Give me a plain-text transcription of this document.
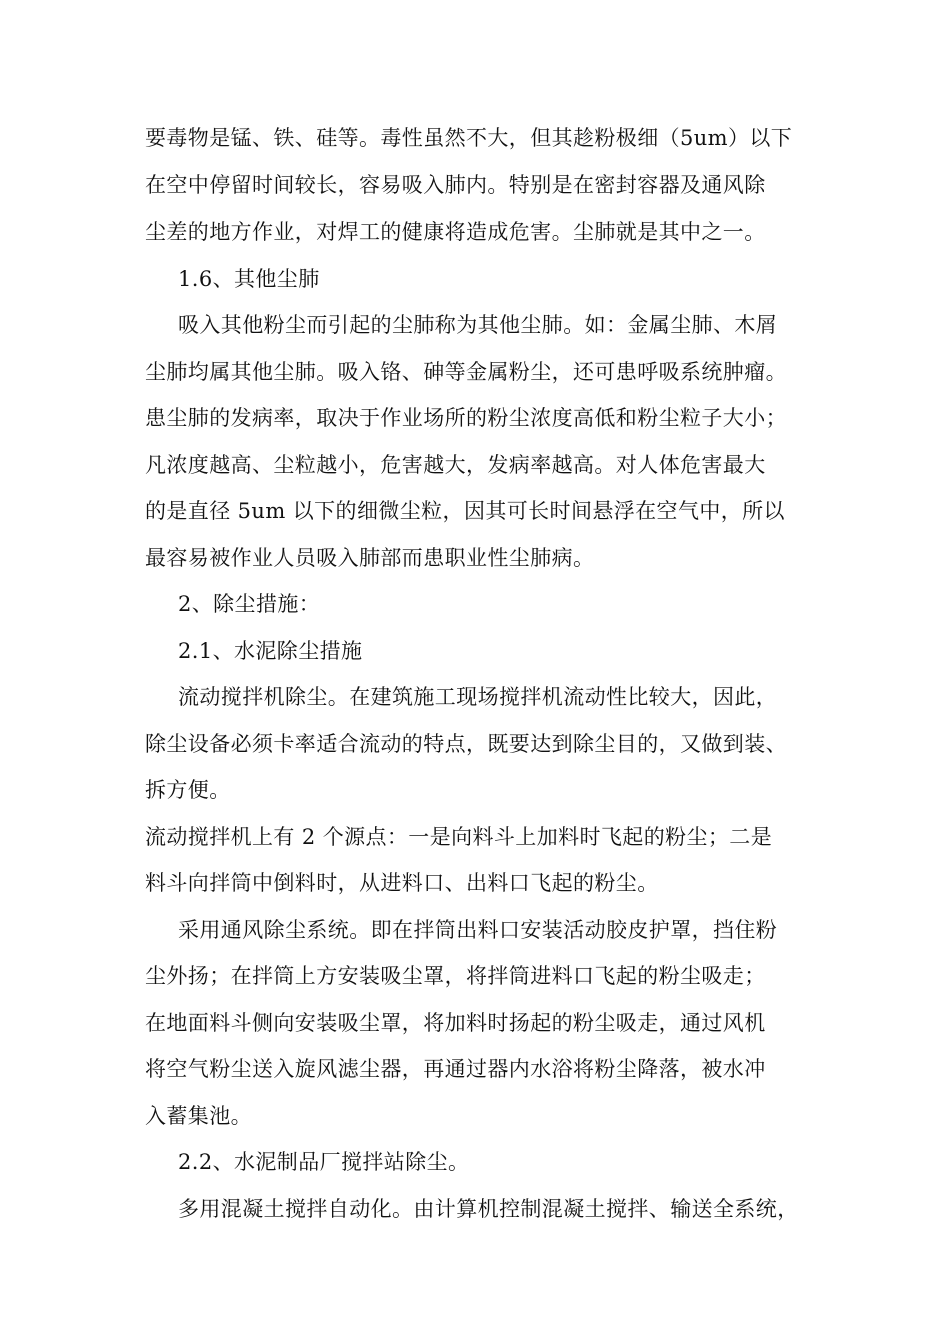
要毒物是锰、铁、硅等。毒性虽然不大，但其趁粉极细（5um）以下
在空中停留时间较长，容易吸入肺内。特别是在密封容器及通风除
尘差的地方作业，对焊工的健康将造成危害。尘肺就是其中之一。
1.6、其他尘肺
吸入其他粉尘而引起的尘肺称为其他尘肺。如：金属尘肺、木屑
尘肺均属其他尘肺。吸入铬、砷等金属粉尘，还可患呼吸系统肿瘤。
患尘肺的发病率，取决于作业场所的粉尘浓度高低和粉尘粒子大小；
凡浓度越高、尘粒越小，危害越大，发病率越高。对人体危害最大
的是直径 5um 以下的细微尘粒，因其可长时间悬浮在空气中，所以
最容易被作业人员吸入肺部而患职业性尘肺病。
2、除尘措施：
2.1、水泥除尘措施
流动搅拌机除尘。在建筑施工现场搅拌机流动性比较大，因此，
除尘设备必须卡率适合流动的特点，既要达到除尘目的，又做到装、
拆方便。
流动搅拌机上有 2 个源点：一是向料斗上加料时飞起的粉尘；二是
料斗向拌筒中倒料时，从进料口、出料口飞起的粉尘。
采用通风除尘系统。即在拌筒出料口安装活动胶皮护罩，挡住粉
尘外扬；在拌筒上方安装吸尘罩，将拌筒进料口飞起的粉尘吸走；
在地面料斗侧向安装吸尘罩，将加料时扬起的粉尘吸走，通过风机
将空气粉尘送入旋风滤尘器，再通过器内水浴将粉尘降落，被水冲
入蓄集池。
2.2、水泥制品厂搅拌站除尘。
多用混凝土搅拌自动化。由计算机控制混凝土搅拌、输送全系统，
